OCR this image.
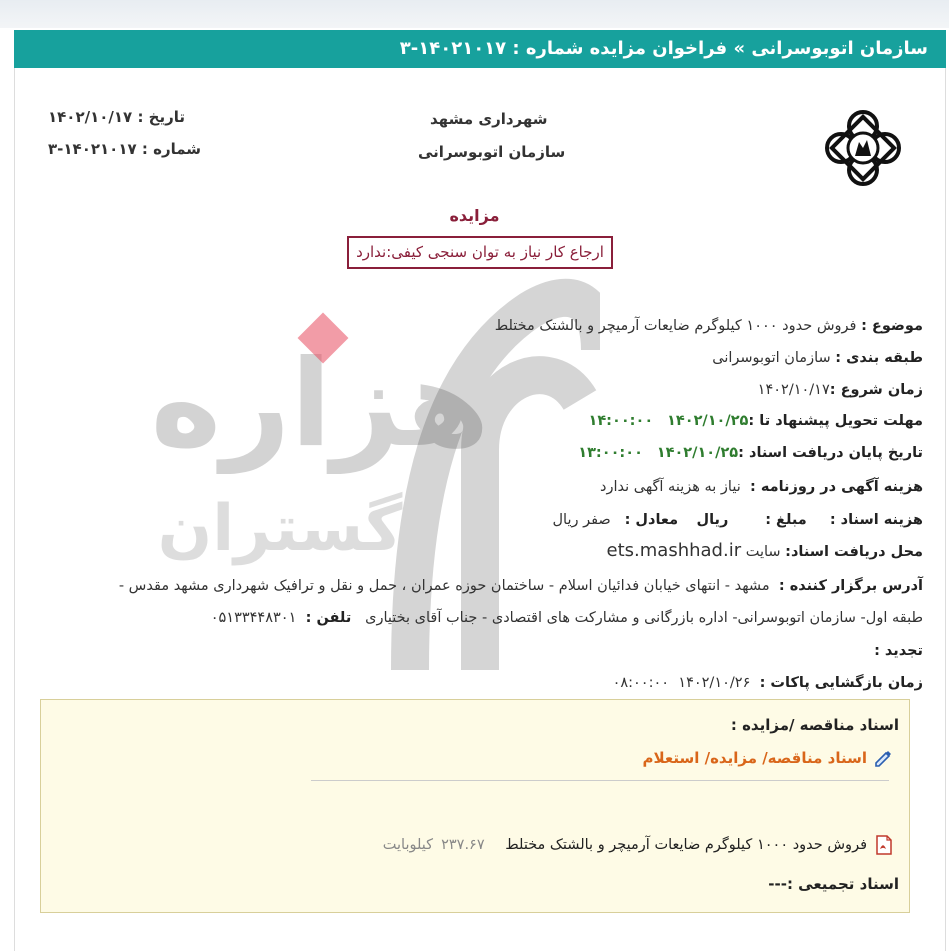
سازمان اتوبوسرانی » فراخوان مزایده شماره : ۱۴۰۲۱۰۱۷-۳
شهرداری مشهد
سازمان اتوبوسرانی
تاریخ : ۱۴۰۲/۱۰/۱۷
شماره : ۱۴۰۲۱۰۱۷-۳
مزایده
ارجاع کار نیاز به توان سنجی کیفی:ندارد
موضوع : فروش حدود ۱۰۰۰ کیلوگرم ضایعات آرمیچر و بالشتک مختلط
طبقه بندی : سازمان اتوبوسرانی
زمان شروع :۱۴۰۲/۱۰/۱۷
مهلت تحویل پیشنهاد تا :۱۴۰۲/۱۰/۲۵   ۱۴:۰۰:۰۰
تاریخ پایان دریافت اسناد :۱۴۰۲/۱۰/۲۵   ۱۳:۰۰:۰۰
هزینه آگهی در روزنامه :  نیاز به هزینه آگهی ندارد
هزینه اسناد :     مبلغ :        ریال    معادل :   صفر ریال
محل دریافت اسناد: سایت ets.mashhad.ir
آدرس برگزار کننده :  مشهد - انتهای خیابان فدائیان اسلام - ساختمان حوزه عمران ، حمل و نقل و ترافیک شهرداری مشهد مقدس -
طبقه اول- سازمان اتوبوسرانی- اداره بازرگانی و مشارکت های اقتصادی - جناب آقای بختیاری   تلفن :  ۰۵۱۳۳۴۴۸۳۰۱
تجدید :
زمان بازگشایی پاکات :  ۱۴۰۲/۱۰/۲۶  ۰۸:۰۰:۰۰
اسناد مناقصه /مزایده :
اسناد مناقصه/ مزایده/ استعلام
فروش حدود ۱۰۰۰ کیلوگرم ضایعات آرمیچر و بالشتک مختلط

۲۳۷.۶۷
کیلوبایت
اسناد تجمیعی :---
